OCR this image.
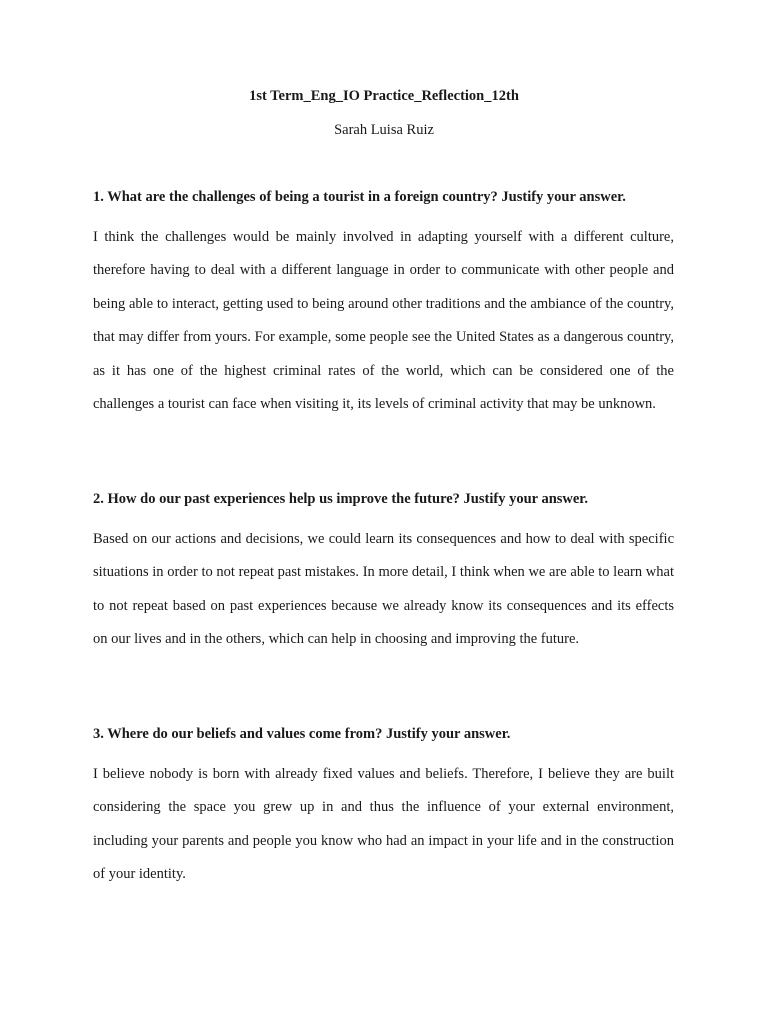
1st Term_Eng_IO Practice_Reflection_12th
Sarah Luisa Ruiz

1. What are the challenges of being a tourist in a foreign country? Justify your answer.

I think the challenges would be mainly involved in adapting yourself with a different culture, therefore having to deal with a different language in order to communicate with other people and being able to interact, getting used to being around other traditions and the ambiance of the country, that may differ from yours. For example, some people see the United States as a dangerous country, as it has one of the highest criminal rates of the world, which can be considered one of the challenges a tourist can face when visiting it, its levels of criminal activity that may be unknown.

2. How do our past experiences help us improve the future? Justify your answer.

Based on our actions and decisions, we could learn its consequences and how to deal with specific situations in order to not repeat past mistakes. In more detail, I think when we are able to learn what to not repeat based on past experiences because we already know its consequences and its effects on our lives and in the others, which can help in choosing and improving the future.

3. Where do our beliefs and values come from? Justify your answer.

I believe nobody is born with already fixed values and beliefs. Therefore, I believe they are built considering the space you grew up in and thus the influence of your external environment, including your parents and people you know who had an impact in your life and in the construction of your identity.
